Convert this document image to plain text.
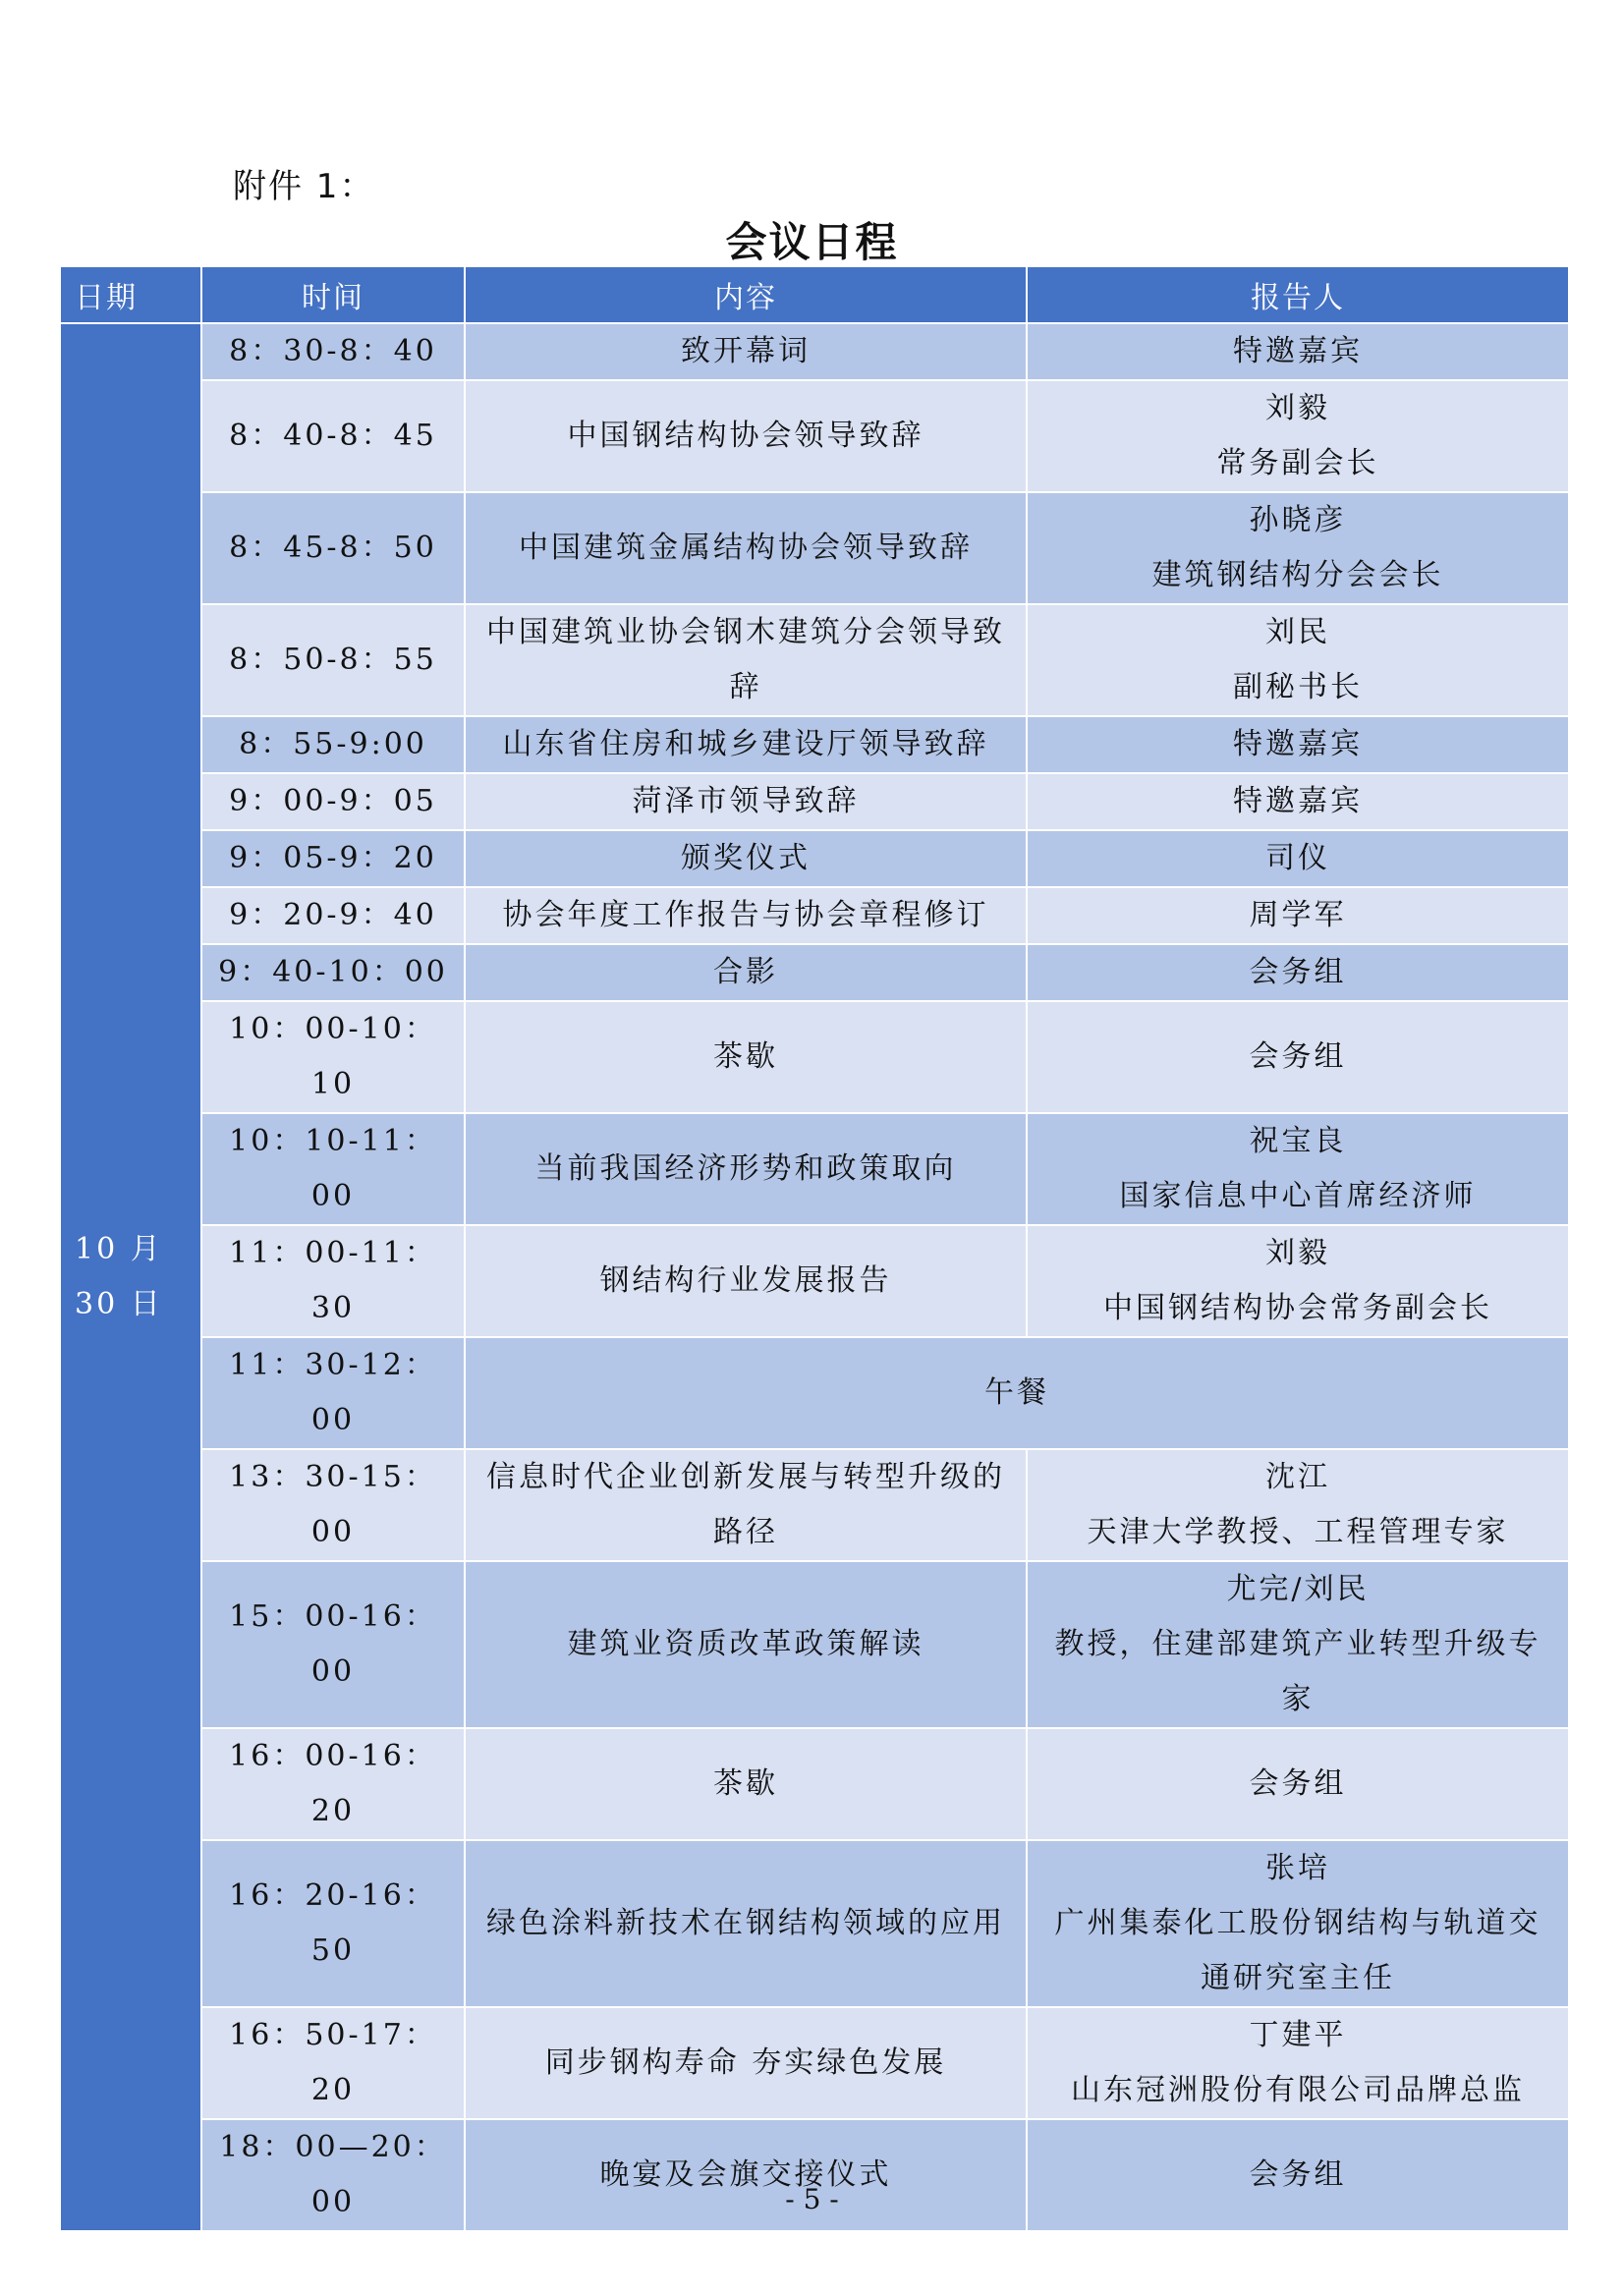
附件 1：
会议日程
日期	时间	内容	报告人

10 月
30 日	8：30-8：40	致开幕词	特邀嘉宾

	8：40-8：45	中国钢结构协会领导致辞	刘毅
常务副会长

	8：45-8：50	中国建筑金属结构协会领导致辞	孙晓彦
建筑钢结构分会会长

	8：50-8：55	中国建筑业协会钢木建筑分会领导致
辞	刘民
副秘书长

	8：55-9:00	山东省住房和城乡建设厅领导致辞	特邀嘉宾

	9：00-9：05	菏泽市领导致辞	特邀嘉宾

	9：05-9：20	颁奖仪式	司仪

	9：20-9：40	协会年度工作报告与协会章程修订	周学军

	9：40-10：00	合影	会务组

	10：00-10：10	茶歇	会务组

	10：10-11：00	当前我国经济形势和政策取向	祝宝良
国家信息中心首席经济师

	11：00-11：30	钢结构行业发展报告	刘毅
中国钢结构协会常务副会长

	11：30-12：00	午餐	
	13：30-15：00	信息时代企业创新发展与转型升级的
路径	沈江
天津大学教授、工程管理专家

	15：00-16：00	建筑业资质改革政策解读	尤完/刘民
教授，住建部建筑产业转型升级专
家

	16：00-16：20	茶歇	会务组

	16：20-16：50	绿色涂料新技术在钢结构领域的应用	张培
广州集泰化工股份钢结构与轨道交
通研究室主任

	16：50-17：20	同步钢构寿命 夯实绿色发展	丁建平
山东冠洲股份有限公司品牌总监

	18：00—20：00	晚宴及会旗交接仪式	会务组
- 5 -
